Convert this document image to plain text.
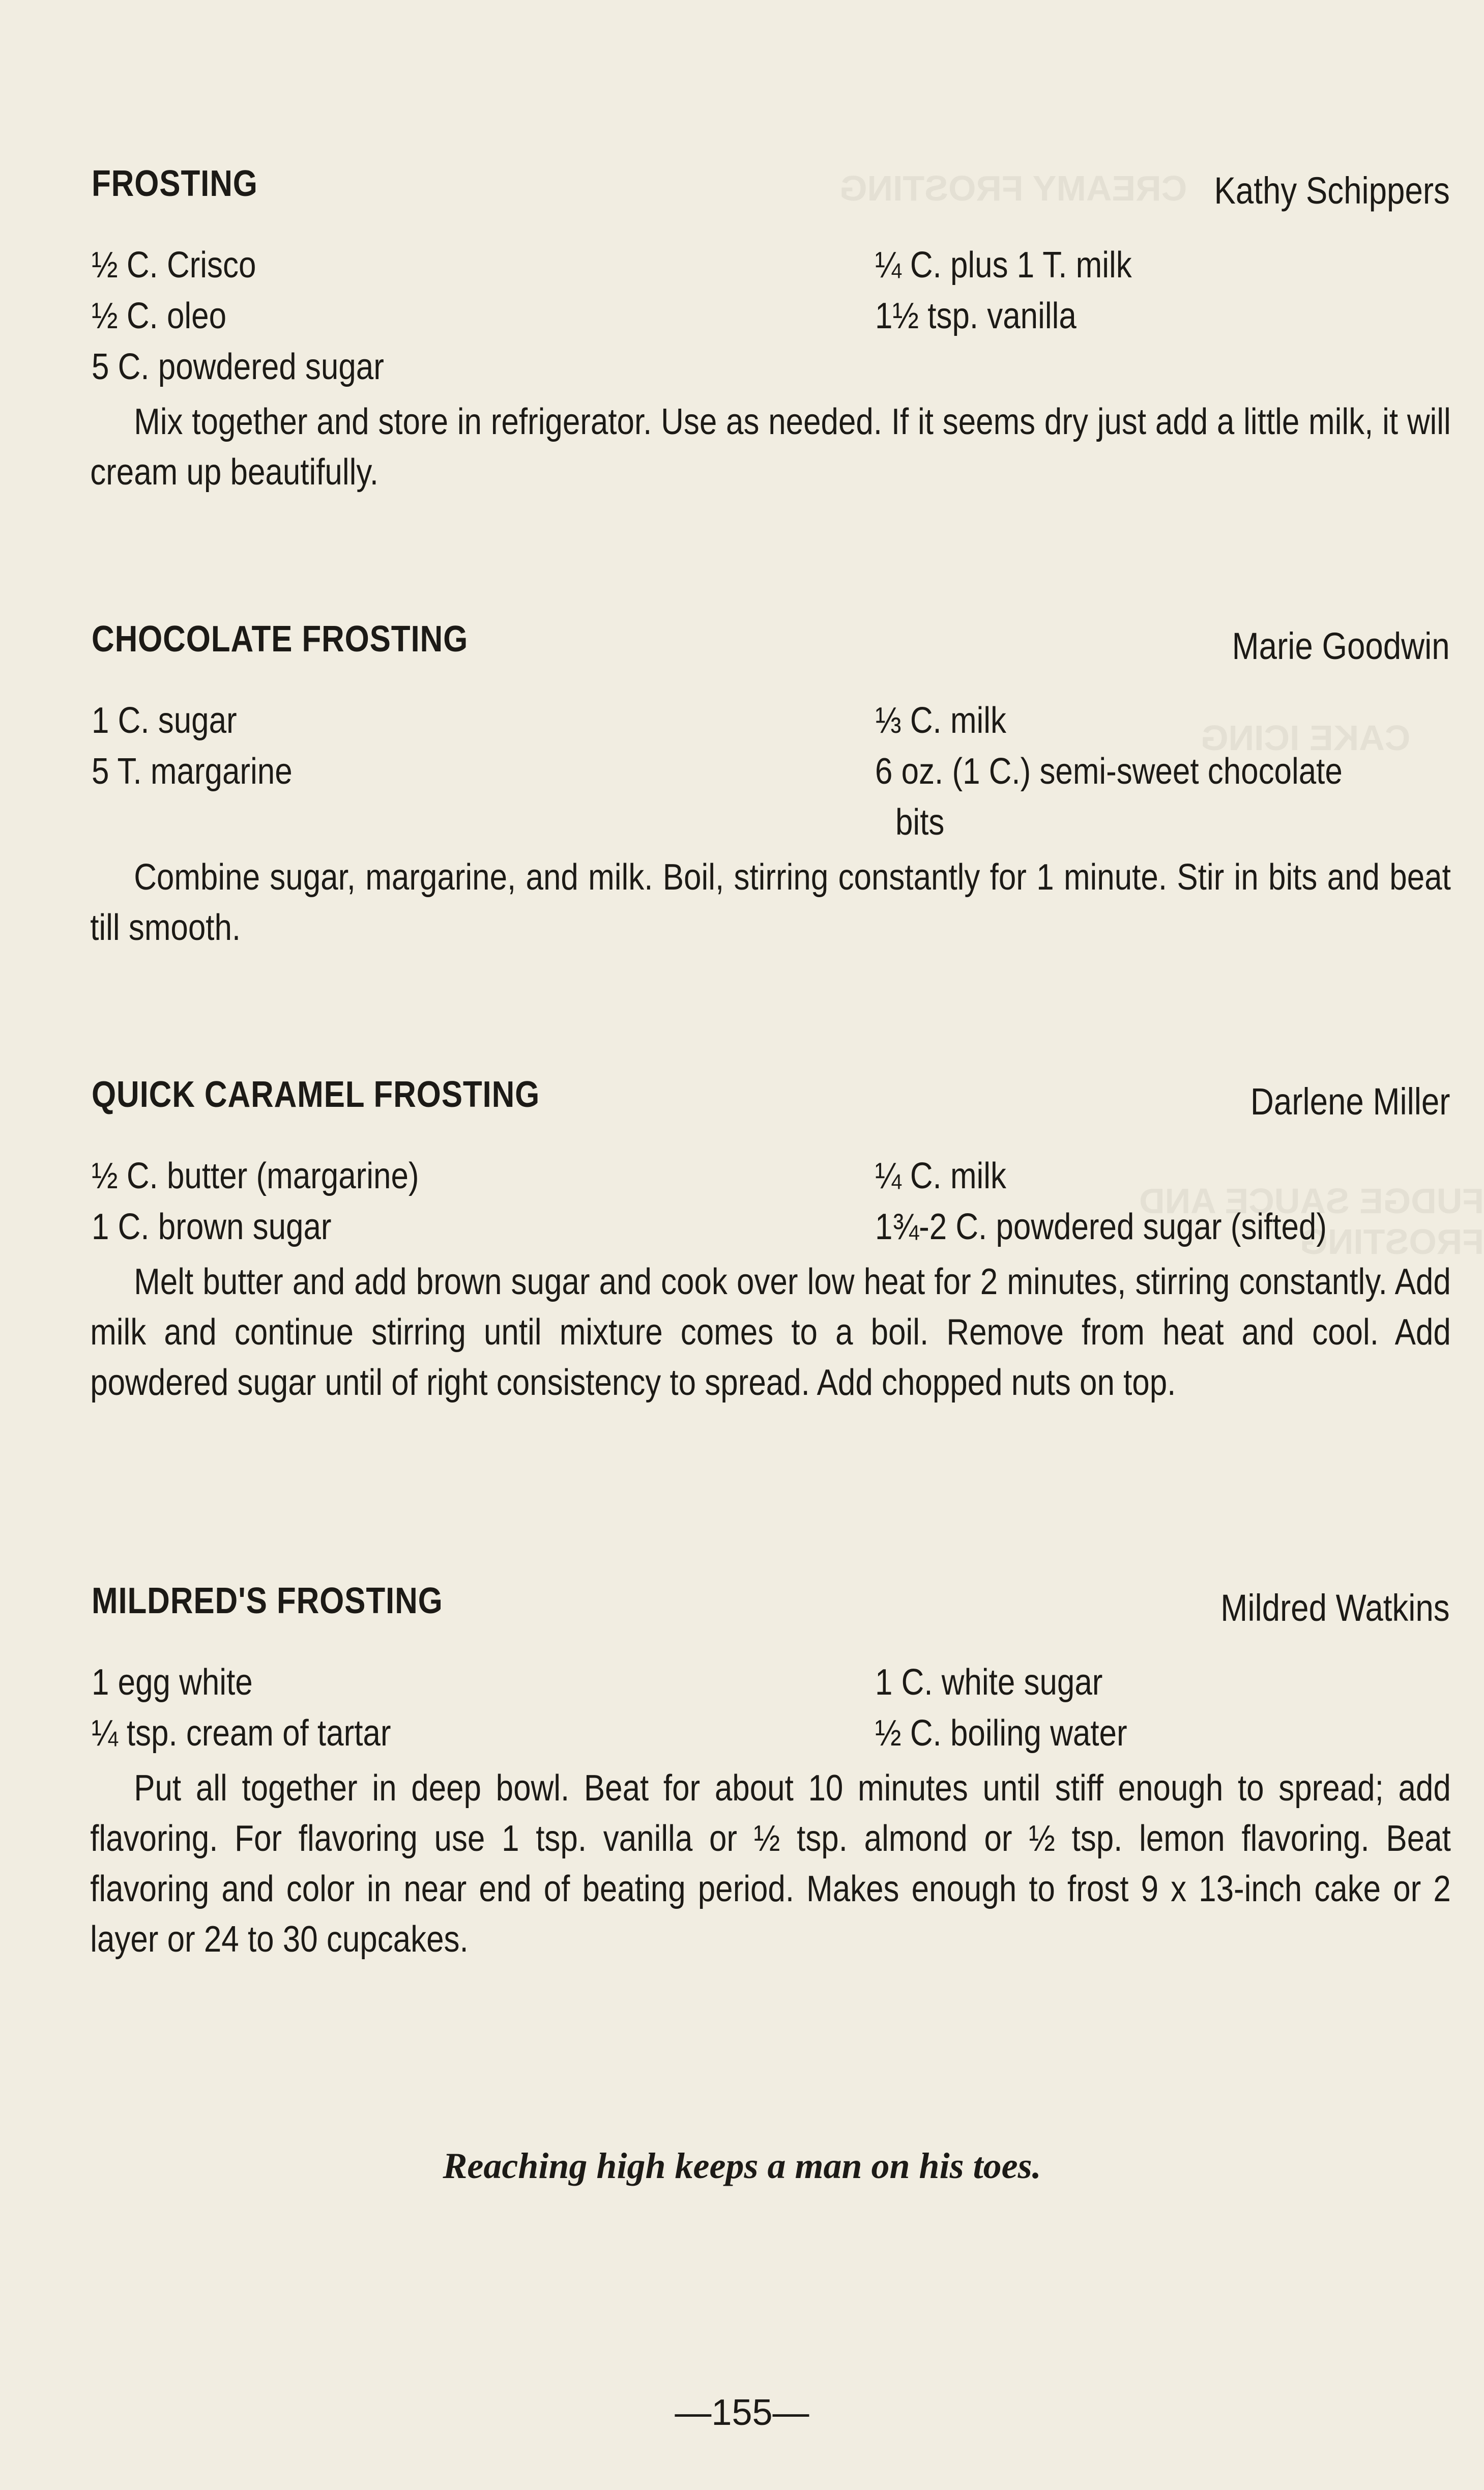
CREAMY FROSTING
CAKE ICING
FUDGE SAUCE AND FROSTING
FROSTING	Kathy Schippers
½ C. Crisco	¼ C. plus 1 T. milk
½ C. oleo	1½ tsp. vanilla
5 C. powdered sugar

Mix together and store in refrigerator. Use as needed. If it seems dry just add a little milk, it will cream up beautifully.

CHOCOLATE FROSTING	Marie Goodwin
1 C. sugar	⅓ C. milk
5 T. margarine	6 oz. (1 C.) semi-sweet chocolate
bits

Combine sugar, margarine, and milk. Boil, stirring constantly for 1 minute. Stir in bits and beat till smooth.

QUICK CARAMEL FROSTING	Darlene Miller
½ C. butter (margarine)	¼ C. milk
1 C. brown sugar	1¾-2 C. powdered sugar (sifted)

Melt butter and add brown sugar and cook over low heat for 2 minutes, stirring constantly. Add milk and continue stirring until mixture comes to a boil. Remove from heat and cool. Add powdered sugar until of right consistency to spread. Add chopped nuts on top.

MILDRED'S FROSTING	Mildred Watkins
1 egg white	1 C. white sugar
¼ tsp. cream of tartar	½ C. boiling water

Put all together in deep bowl. Beat for about 10 minutes until stiff enough to spread; add flavoring. For flavoring use 1 tsp. vanilla or ½ tsp. almond or ½ tsp. lemon flavoring. Beat flavoring and color in near end of beating period. Makes enough to frost 9 x 13-inch cake or 2 layer or 24 to 30 cupcakes.

Reaching high keeps a man on his toes.
—155—
